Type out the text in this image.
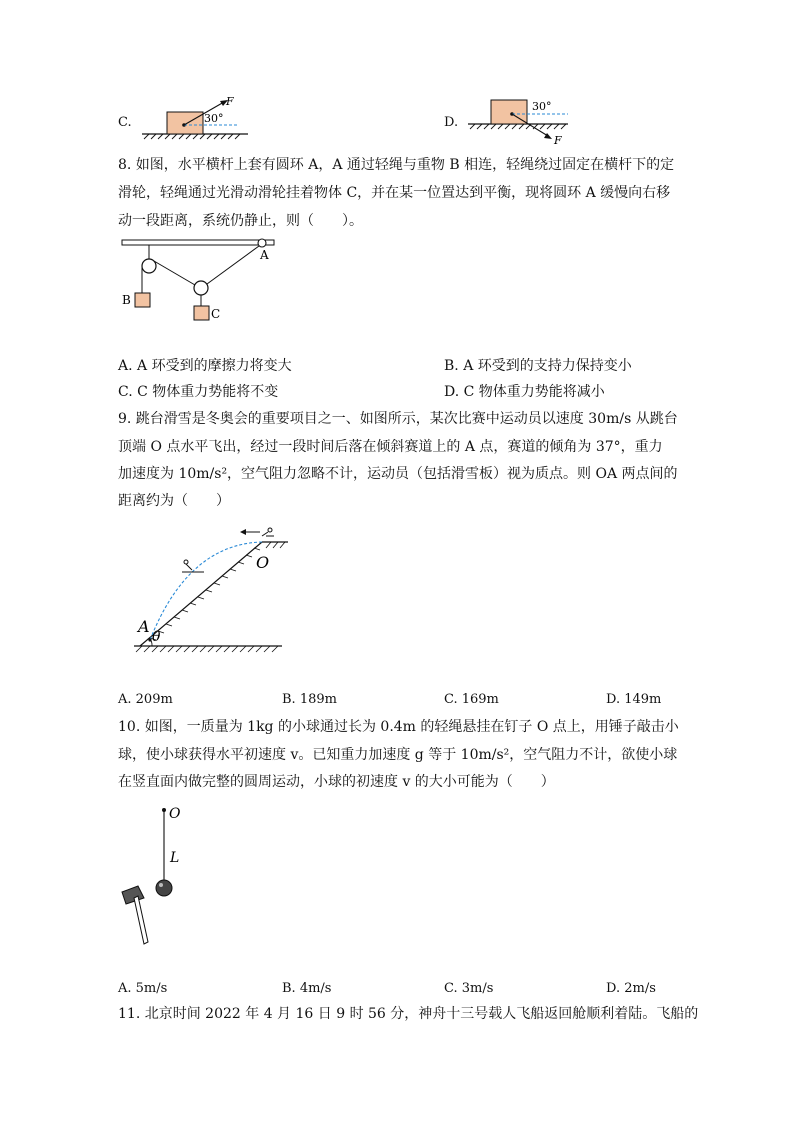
C.
F
30°	D.
F
30°
8. 如图，水平横杆上套有圆环 A，A 通过轻绳与重物 B 相连，轻绳绕过固定在横杆下的定
滑轮，轻绳通过光滑动滑轮挂着物体 C，并在某一位置达到平衡，现将圆环 A 缓慢向右移
动一段距离，系统仍静止，则（　　）。
B
C
A
A. A 环受到的摩擦力将变大	B. A 环受到的支持力保持变小
C. C 物体重力势能将不变	D. C 物体重力势能将减小
9. 跳台滑雪是冬奥会的重要项目之一、如图所示，某次比赛中运动员以速度 30m/s 从跳台
顶端 O 点水平飞出，经过一段时间后落在倾斜赛道上的 A 点，赛道的倾角为 37°，重力
加速度为 10m/s²，空气阻力忽略不计，运动员（包括滑雪板）视为质点。则 OA 两点间的
距离约为（　　）
O
A
θ
A. 209m	B. 189m	C. 169m	D. 149m
10. 如图，一质量为 1kg 的小球通过长为 0.4m 的轻绳悬挂在钉子 O 点上，用锤子敲击小
球，使小球获得水平初速度 v。已知重力加速度 g 等于 10m/s²，空气阻力不计，欲使小球
在竖直面内做完整的圆周运动，小球的初速度 v 的大小可能为（　　）
O
L
A. 5m/s	B. 4m/s	C. 3m/s	D. 2m/s
11. 北京时间 2022 年 4 月 16 日 9 时 56 分，神舟十三号载人飞船返回舱顺利着陆。飞船的
